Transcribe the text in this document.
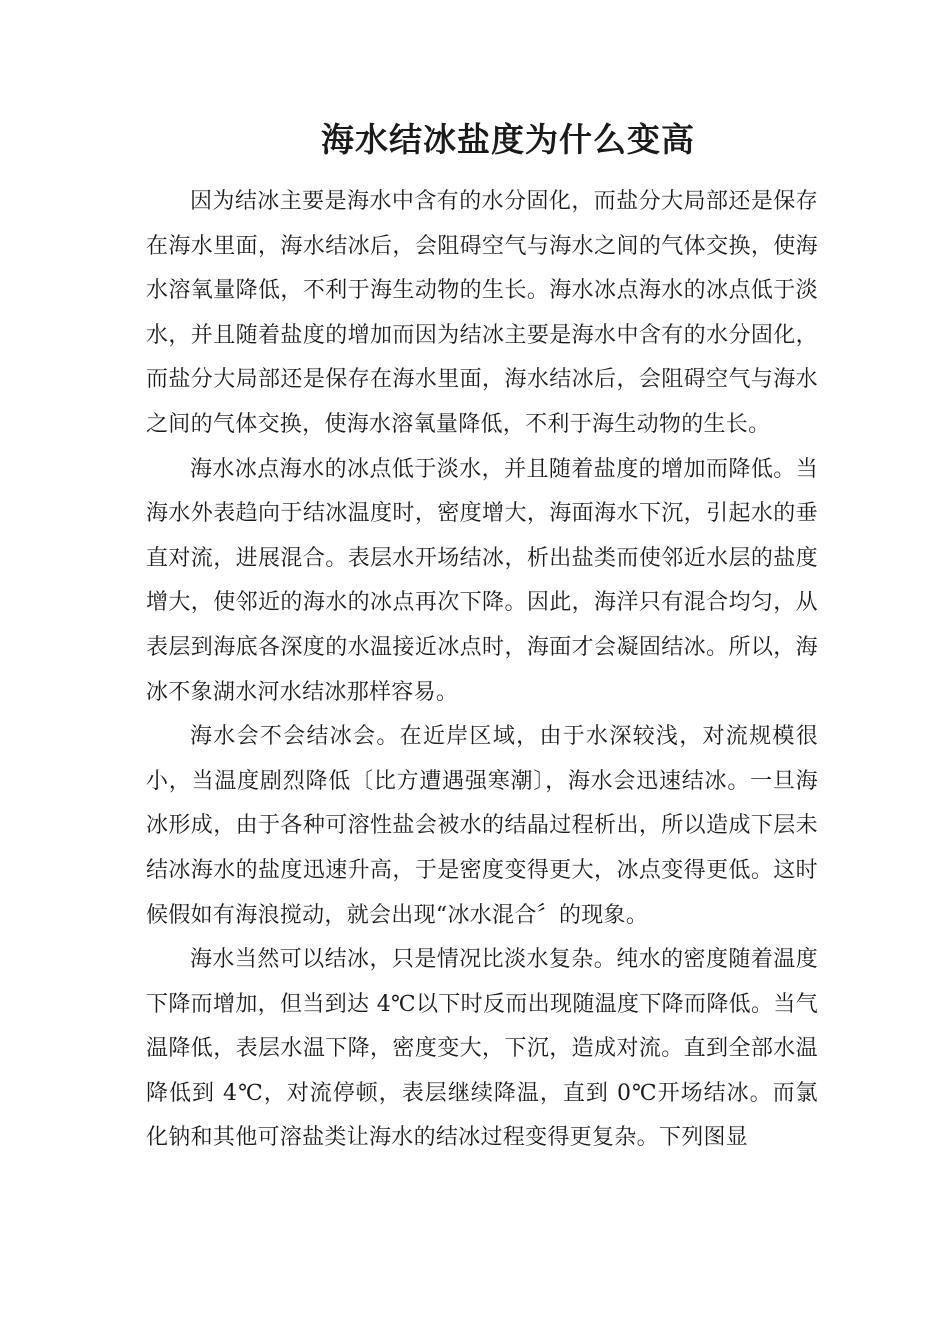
海水结冰盐度为什么变高

因为结冰主要是海水中含有的水分固化，而盐分大局部还是保存在海水里面，海水结冰后，会阻碍空气与海水之间的气体交换，使海水溶氧量降低，不利于海生动物的生长。海水冰点海水的冰点低于淡水，并且随着盐度的增加而因为结冰主要是海水中含有的水分固化，而盐分大局部还是保存在海水里面，海水结冰后，会阻碍空气与海水之间的气体交换，使海水溶氧量降低，不利于海生动物的生长。

海水冰点海水的冰点低于淡水，并且随着盐度的增加而降低。当海水外表趋向于结冰温度时，密度增大，海面海水下沉，引起水的垂直对流，进展混合。表层水开场结冰，析出盐类而使邻近水层的盐度增大，使邻近的海水的冰点再次下降。因此，海洋只有混合均匀，从表层到海底各深度的水温接近冰点时，海面才会凝固结冰。所以，海冰不象湖水河水结冰那样容易。

海水会不会结冰会。在近岸区域，由于水深较浅，对流规模很小，当温度剧烈降低〔比方遭遇强寒潮〕，海水会迅速结冰。一旦海冰形成，由于各种可溶性盐会被水的结晶过程析出，所以造成下层未结冰海水的盐度迅速升高，于是密度变得更大，冰点变得更低。这时候假如有海浪搅动，就会出现“冰水混合〞的现象。

海水当然可以结冰，只是情况比淡水复杂。纯水的密度随着温度下降而增加，但当到达 4℃以下时反而出现随温度下降而降低。当气温降低，表层水温下降，密度变大，下沉，造成对流。直到全部水温降低到 4℃，对流停顿，表层继续降温，直到 0℃开场结冰。而氯化钠和其他可溶盐类让海水的结冰过程变得更复杂。下列图显
